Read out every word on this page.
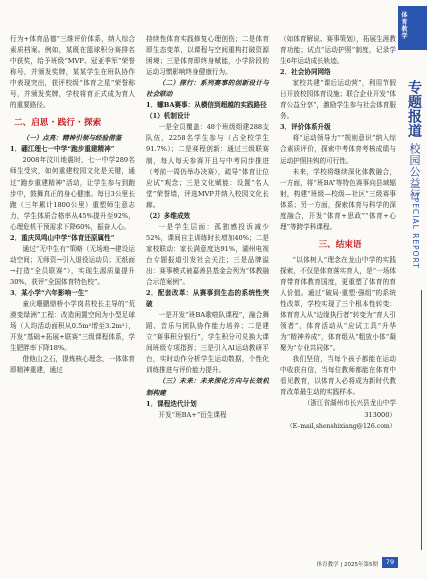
行为+体育品德”三维评价体系，纳入综合素质档案。例如，某既在篮球积分赛排名中获奖，给予班级“MVP、冠亚季军”荣誉称号，并颁发奖牌，某某学生在班队协作中表现突出，获评校级“体育之星”荣誉称号，并颁发奖牌，学校将育正式成为育人的重要路径。

二、启思 · 践行 · 探索

（一）点亮：精神引领与经验借鉴

1．硼江理七一中学“跑步重建精神”

2008年汶川地震时，七一中学289名师生受灾，如何重建校园文化是关键，通过“跑步重建精神”活动，让学生参与到跑步中，鼓舞真正的身心健康。每日3公里长跑（三年累计1800公里）重塑师生意志力，学生体质合格率从45%提升至92%，心理危机干预需求下降60%，振奋人心。

2．重庆凤鸣山中学“体育还原属性”

通过“无中生有”策略（无场地→建设运动空间；无师资→引入退役运动员；无纸面→打造“全员联赛”），实现生源质量提升30%，获评“全国体育特色校”。

3．某小学“六年影响一生”

童庆珊鹏鼎桥小学岗君校长主导的“荒漠变绿洲”工程：改造闲置空间为小型足球场（人均活动面积从0.5m²增至3.2m²），开发“基础+拓展+联赛”三级课程体系，学生肥胖率下降18%。

借他山之石，提炼核心理念，一体体育即精神重建，通过

持续性体育实践修复心理创伤；二是体育即生态变革，以课程与空间重构打破资源困境；三是体育即终身赋能，小学阶段的运动习惯影响终身健康行为。

（二）探行：系列赛事的创新设计与社会联动

1．螺BA赛事：从横信到超越的实践路径

（1）机制设计

一是全员覆盖：48个班级组建288支队伍，2258名学生参与（占全校学生91.7%）；二是赛程创新：通过三级联赛制，每人每天参赛开且与中考同步推进（考前一周仍举办决赛），疏导“体育让位应试”观念；三是文化赋能：设置“名人堂”荣誉墙，评选MVP并纳入校园文化长廊。

（2）多维成效

一是学生层面：孤独感投诉减少52%，课间自主训练时长增加40%；二是家校联动：家长满意度达91%，湖州电视台专题报道引发社会关注；三是品牌溢出：赛事模式被嘉善县基金会列为“体教融合示范案例”。

2．配套改革：从赛事到生态的系统性突破

一是开发“班BA歌啦队课程”，融合舞蹈、音乐与团队协作能力培养；二是建立“赛事积分银行”，学生积分可兑换大课间班级专项指挥；三是引入AI运动教研平台，实时动作分析学生运动数据，个性化训练推进与评价能力提升。

（三）未来：未来深化方向与长效机制构建

1．课程迭代计划

开发“班BA+”衍生课程

（如体育解说、赛事策划），拓展生涯教育功能；试点“运动护照”制度，记录学生6年运动成长轨迹。

2．社会协同网络

家校共建“课后运动营”，利用节假日开放校园体育设施；联合企业开发“体育公益分享”，激励学生参与社会体育服务。

3．评价体系升级

将“运动领导力”“规则意识”纳入综合素质评价，探索中考体育考核成绩与运动护照挂钩的可行性。

未来，学校将继续深化体教融合，一方面，将“班BA”等特色赛事向县域辐射，构建“班级—校级—社区”三级赛事体系；另一方面，探索体育与科学的深度融合，开发“体育+思政”“体育+心理”等跨学科课程。

三、结束语

“以体树人”理念在龙山中学的实践探索，不仅是体育落实育人，是“一场体育带育体教育国度，更重塑了体育的育人价值。通过“破局·重塑·强组”的系统性改革，学校实现了三个根本性转变：体育育人从“边缘执行者”转变为“育人引领者”，体育活动从“应试工具”升华为“精神养成”，体育组从“粗放小体”凝聚为“专业共同体”。

我们坚信，当每个孩子都能在运动中收获自信，当每位教师都能在体育中看见教育，以体育人必将成为新时代教育改革最生动的实践样本。

（浙江省湖州市长兴县龙山中学 313000）

（E–mail,shenshixiang@126.com）

体育
教学
专题报道 校园公益行
SPECIAL REPORT
体育教学 | 2025年第5期	79
